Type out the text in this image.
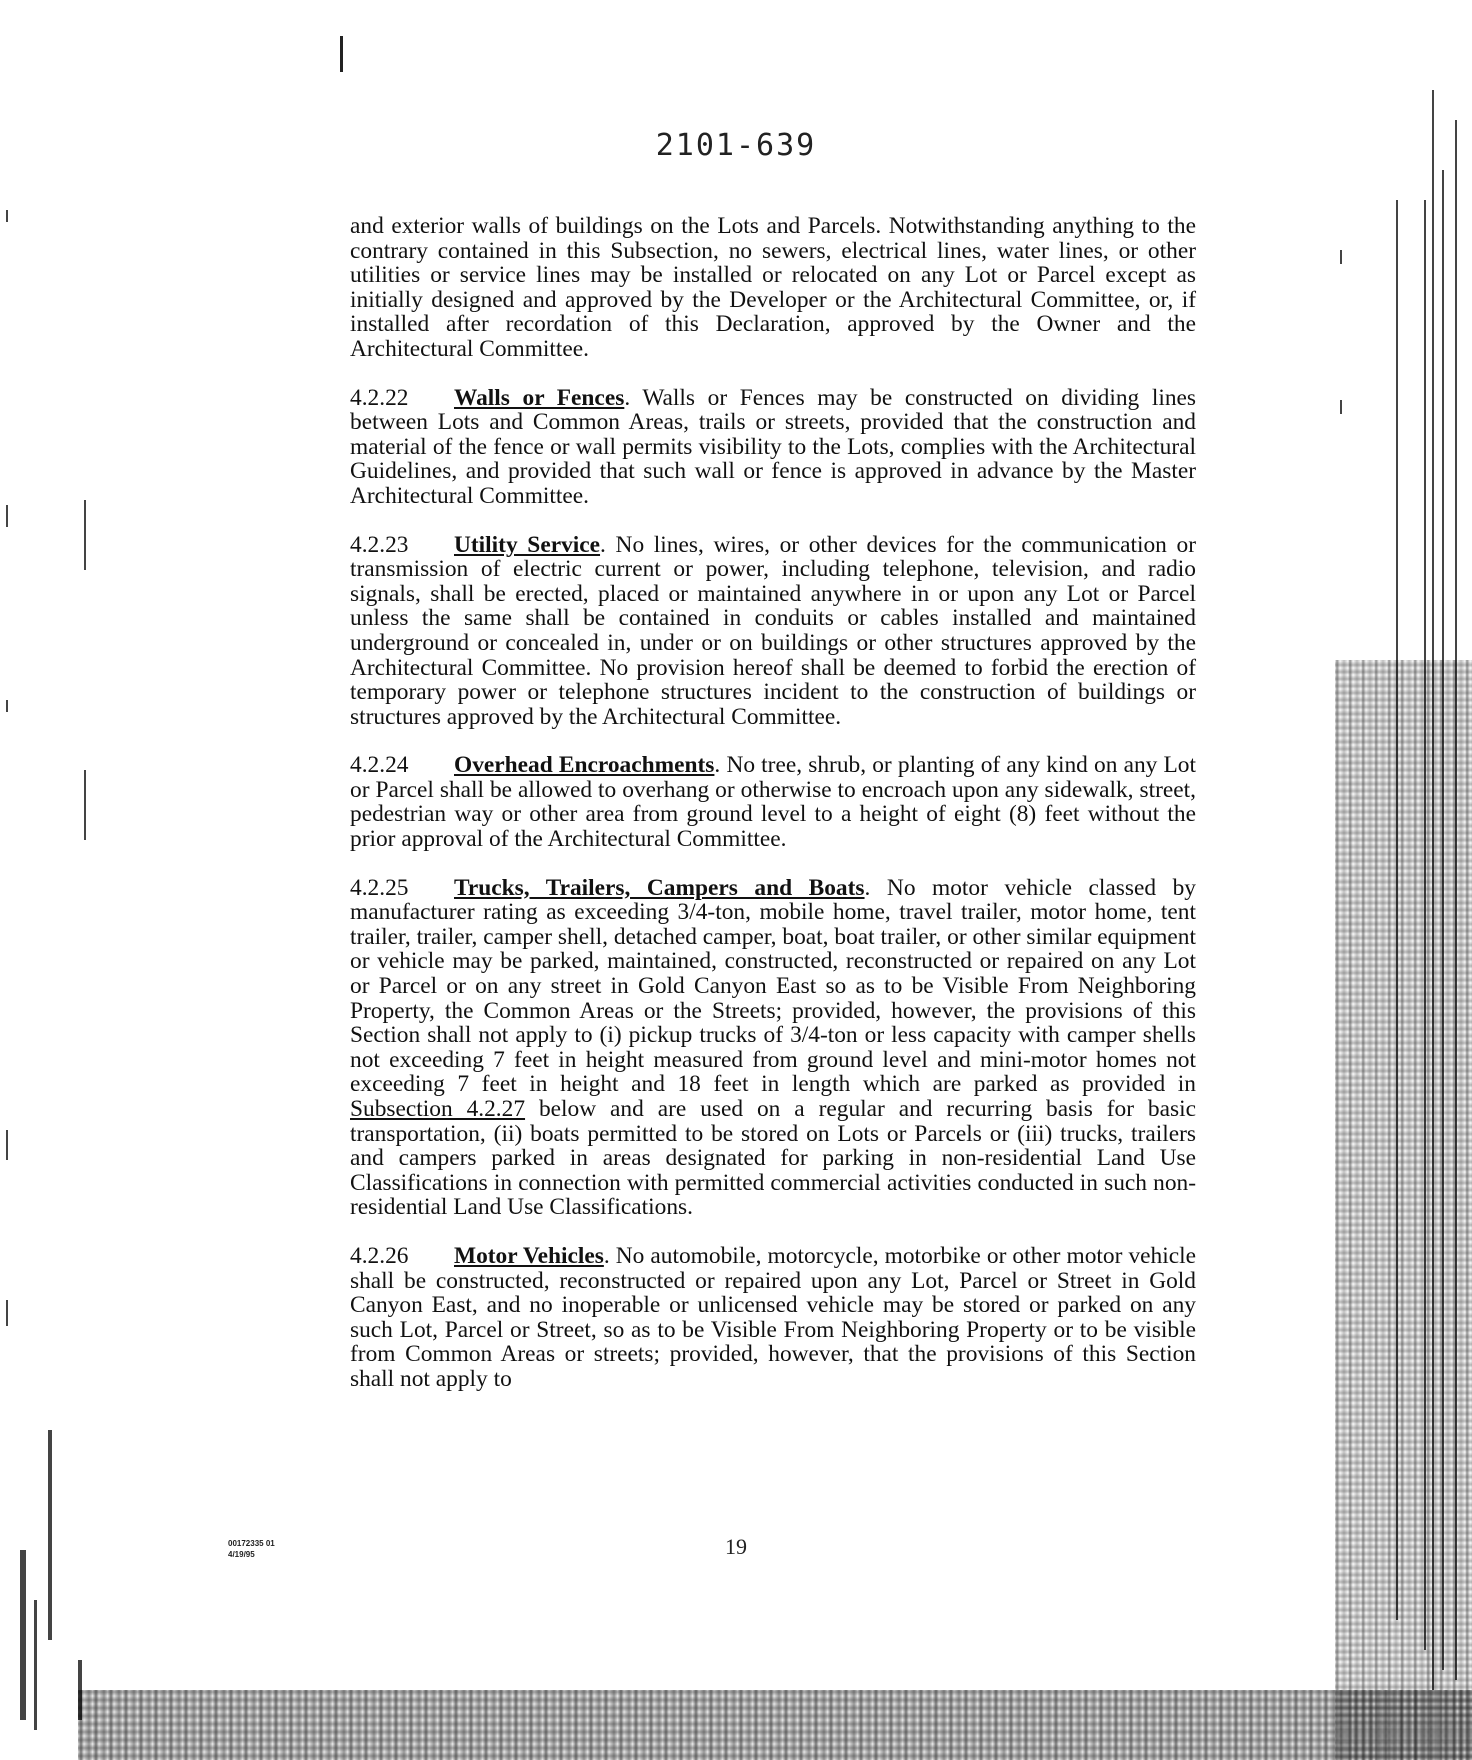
2101-639

and exterior walls of buildings on the Lots and Parcels. Notwithstanding anything to the contrary contained in this Subsection, no sewers, electrical lines, water lines, or other utilities or service lines may be installed or relocated on any Lot or Parcel except as initially designed and approved by the Developer or the Architectural Committee, or, if installed after recordation of this Declaration, approved by the Owner and the Architectural Committee.

4.2.22 Walls or Fences. Walls or Fences may be constructed on dividing lines between Lots and Common Areas, trails or streets, provided that the construction and material of the fence or wall permits visibility to the Lots, complies with the Architectural Guidelines, and provided that such wall or fence is approved in advance by the Master Architectural Committee.

4.2.23 Utility Service. No lines, wires, or other devices for the communication or transmission of electric current or power, including telephone, television, and radio signals, shall be erected, placed or maintained anywhere in or upon any Lot or Parcel unless the same shall be contained in conduits or cables installed and maintained underground or concealed in, under or on buildings or other structures approved by the Architectural Committee. No provision hereof shall be deemed to forbid the erection of temporary power or telephone structures incident to the construction of buildings or structures approved by the Architectural Committee.

4.2.24 Overhead Encroachments. No tree, shrub, or planting of any kind on any Lot or Parcel shall be allowed to overhang or otherwise to encroach upon any sidewalk, street, pedestrian way or other area from ground level to a height of eight (8) feet without the prior approval of the Architectural Committee.

4.2.25 Trucks, Trailers, Campers and Boats. No motor vehicle classed by manufacturer rating as exceeding 3/4-ton, mobile home, travel trailer, motor home, tent trailer, trailer, camper shell, detached camper, boat, boat trailer, or other similar equipment or vehicle may be parked, maintained, constructed, reconstructed or repaired on any Lot or Parcel or on any street in Gold Canyon East so as to be Visible From Neighboring Property, the Common Areas or the Streets; provided, however, the provisions of this Section shall not apply to (i) pickup trucks of 3/4-ton or less capacity with camper shells not exceeding 7 feet in height measured from ground level and mini-motor homes not exceeding 7 feet in height and 18 feet in length which are parked as provided in Subsection 4.2.27 below and are used on a regular and recurring basis for basic transportation, (ii) boats permitted to be stored on Lots or Parcels or (iii) trucks, trailers and campers parked in areas designated for parking in non-residential Land Use Classifications in connection with permitted commercial activities conducted in such non-residential Land Use Classifications.

4.2.26 Motor Vehicles. No automobile, motorcycle, motorbike or other motor vehicle shall be constructed, reconstructed or repaired upon any Lot, Parcel or Street in Gold Canyon East, and no inoperable or unlicensed vehicle may be stored or parked on any such Lot, Parcel or Street, so as to be Visible From Neighboring Property or to be visible from Common Areas or streets; provided, however, that the provisions of this Section shall not apply to

00172335 01
4/19/95	19
